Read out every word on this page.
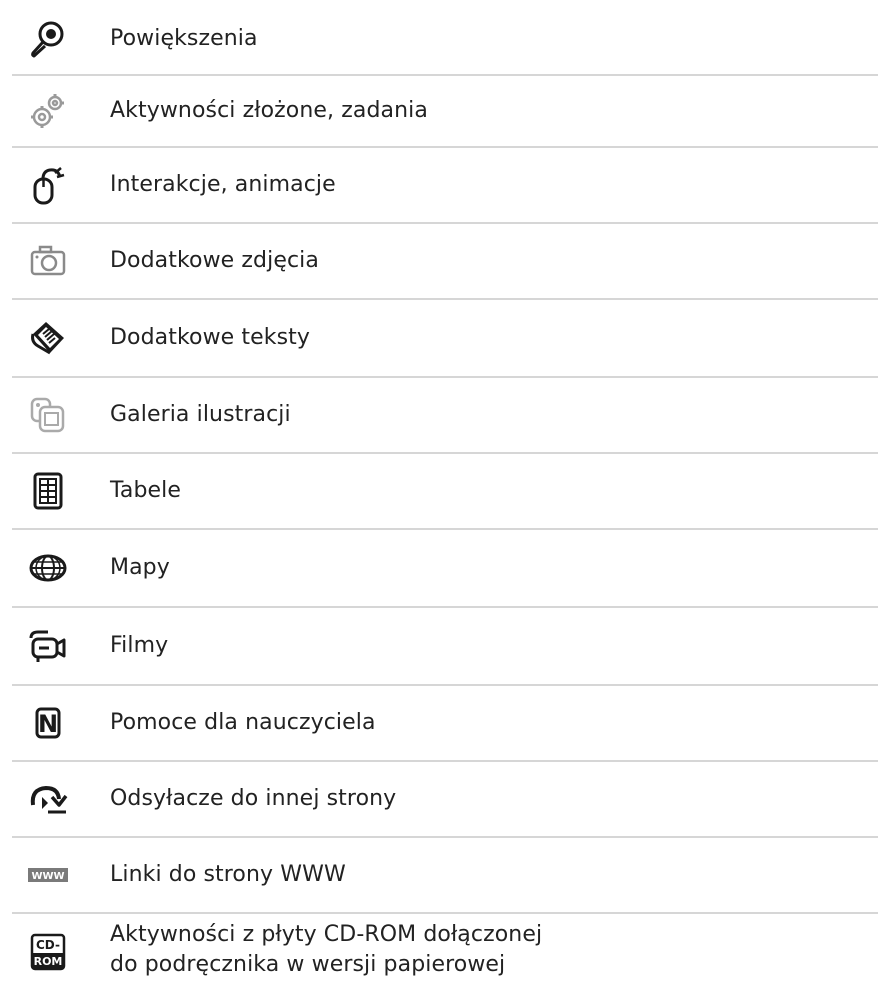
Powiększenia
Aktywności złożone, zadania
Interakcje, animacje
Dodatkowe zdjęcia
Dodatkowe teksty
Galeria ilustracji
Tabele
Mapy
Filmy
N Pomoce dla nauczyciela
Odsyłacze do innej strony
WWW Linki do strony WWW
CD-
ROM
Aktywności z płyty CD-ROM dołączonej
do podręcznika w wersji papierowej
